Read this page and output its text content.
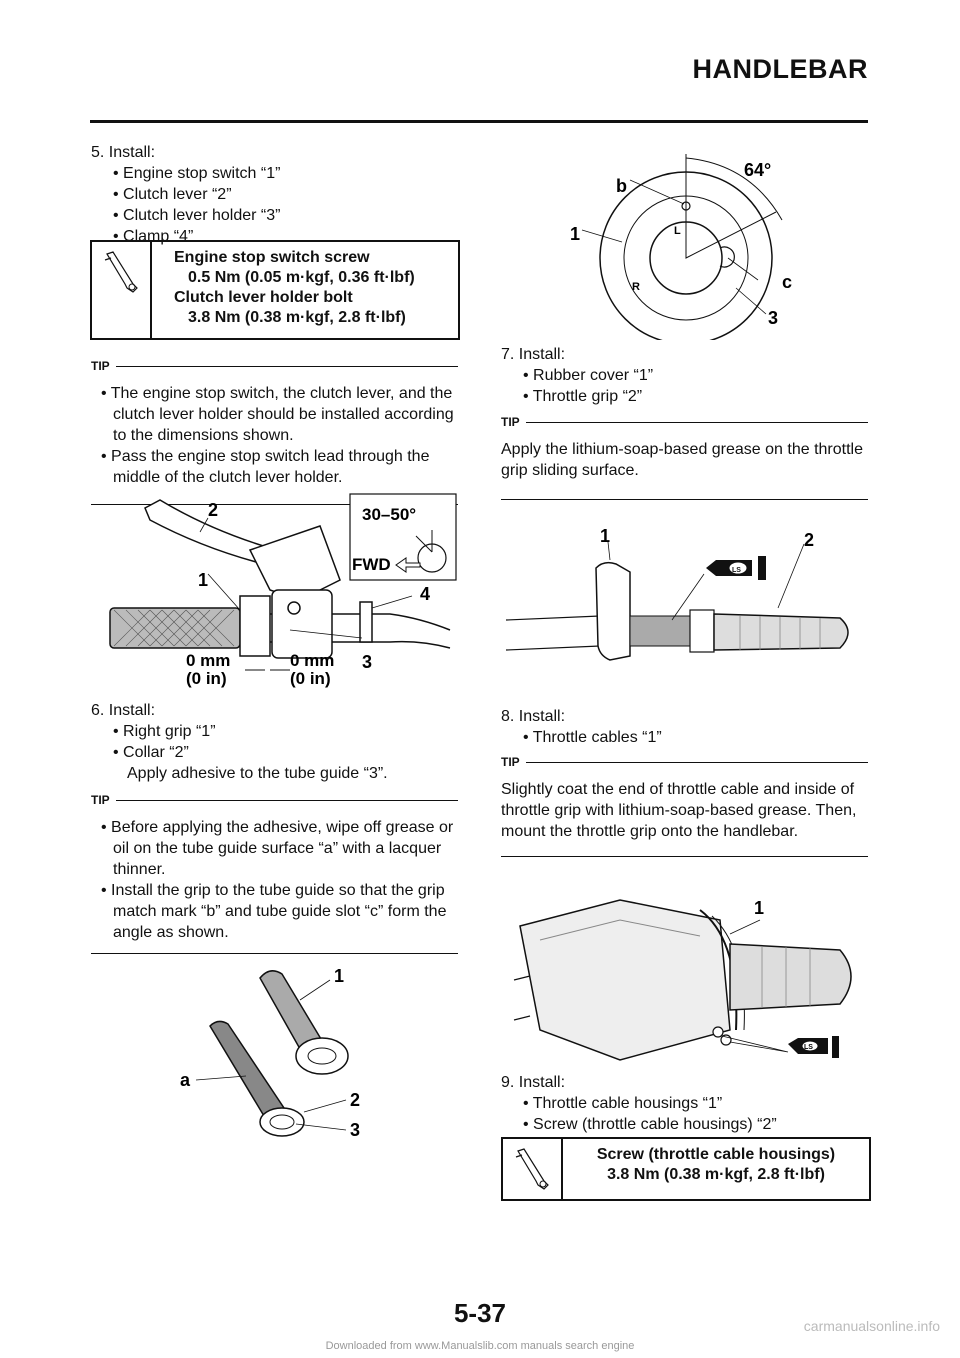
HANDLEBAR

5. Install:

• Engine stop switch “1”

• Clutch lever “2”

• Clutch lever holder “3”

• Clamp “4”

Engine stop switch screw
0.5 Nm (0.05 m·kgf, 0.36 ft·lbf)
Clutch lever holder bolt
3.8 Nm (0.38 m·kgf, 2.8 ft·lbf)
TIP

• The engine stop switch, the clutch lever, and the clutch lever holder should be installed according to the dimensions shown.

• Pass the engine stop switch lead through the middle of the clutch lever holder.

2
1
4
3
30–50°
FWD
0 mm
(0 in)
0 mm
(0 in)

6. Install:

• Right grip “1”

• Collar “2”

Apply adhesive to the tube guide “3”.

TIP

• Before applying the adhesive, wipe off grease or oil on the tube guide surface “a” with a lacquer thinner.

• Install the grip to the tube guide so that the grip match mark “b” and tube guide slot “c” form the angle as shown.

1
a
2
3
64°
b
1
c
3
R
L

7. Install:

• Rubber cover “1”

• Throttle grip “2”

TIP

Apply the lithium-soap-based grease on the throttle grip sliding surface.

1	2
LS

8. Install:

• Throttle cables “1”

TIP

Slightly coat the end of throttle cable and inside of throttle grip with lithium-soap-based grease. Then, mount the throttle grip onto the handlebar.

1
LS

9. Install:

• Throttle cable housings “1”

• Screw (throttle cable housings) “2”

Screw (throttle cable housings)
3.8 Nm (0.38 m·kgf, 2.8 ft·lbf)
5-37
Downloaded from www.Manualslib.com manuals search engine
carmanualsonline.info
